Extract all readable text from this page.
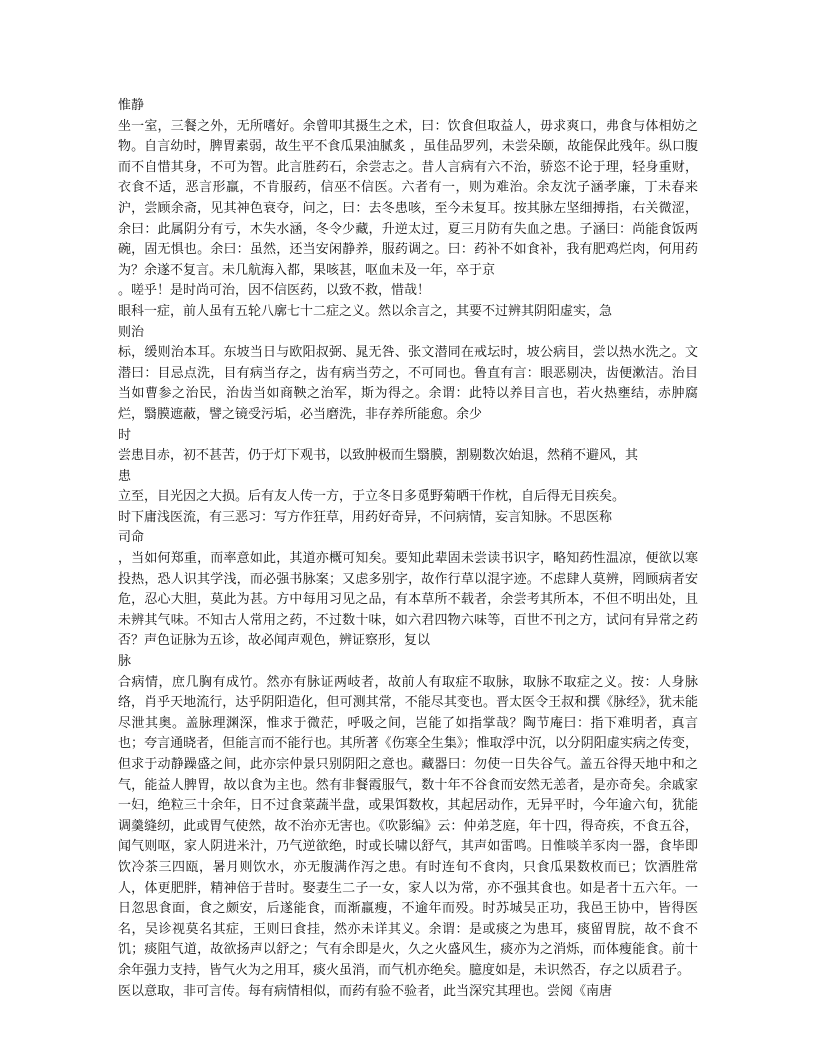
惟静

坐一室，三餐之外，无所嗜好。余曾叩其摄生之术，曰：饮食但取益人，毋求爽口，弗食与体相妨之物。自言幼时，脾胃素弱，故生平不食瓜果油腻炙 ，虽佳品罗列，未尝朵颐，故能保此残年。纵口腹而不自惜其身，不可为智。此言胜药石，余尝志之。昔人言病有六不治，骄恣不论于理，轻身重财，衣食不适，恶言形羸，不肯服药，信巫不信医。六者有一，则为难治。余友沈子涵孝廉，丁未春来沪，尝顾余斋，见其神色衰夺，问之，曰：去冬患咳，至今未复耳。按其脉左坚细搏指，右关微涩，余曰：此属阴分有亏，木失水涵，冬令少藏，升逆太过，夏三月防有失血之患。子涵曰：尚能食饭两碗，固无惧也。余曰：虽然，还当安闲静养，服药调之。曰：药补不如食补，我有肥鸡烂肉，何用药为？余遂不复言。未几航海入都，果咳甚，呕血未及一年，卒于京

。嗟乎！是时尚可治，因不信医药，以致不救，惜哉！

眼科一症，前人虽有五轮八廓七十二症之义。然以余言之，其要不过辨其阴阳虚实，急
则治

标，缓则治本耳。东坡当日与欧阳叔弼、晁无咎、张文潜同在戒坛时，坡公病目，尝以热水洗之。文潜曰：目忌点洗，目有病当存之，齿有病当劳之，不可同也。鲁直有言：眼恶剔决，齿便漱洁。治目当如曹参之治民，治齿当如商鞅之治军，斯为得之。余谓：此特以养目言也，若火热壅结，赤肿腐烂，翳膜遮蔽，譬之镜受污垢，必当磨洗，非存养所能愈。余少
时

尝患目赤，初不甚苦，仍于灯下观书，以致肿极而生翳膜，割剔数次始退，然稍不避风，其
患

立至，目光因之大损。后有友人传一方，于立冬日多觅野菊晒干作枕，自后得无目疾矣。

时下庸浅医流，有三恶习：写方作狂草，用药好奇异，不问病情，妄言知脉。不思医称
司命

，当如何郑重，而率意如此，其道亦概可知矣。要知此辈固未尝读书识字，略知药性温凉，便欲以寒投热，恐人识其学浅，而必强书脉案；又虑多别字，故作行草以混字迹。不虑肆人莫辨，罔顾病者安危，忍心大胆，莫此为甚。方中每用习见之品，有本草所不载者，余尝考其所本，不但不明出处，且未辨其气味。不知古人常用之药，不过数十味，如六君四物六味等，百世不刊之方，试问有异常之药否？声色证脉为五诊，故必闻声观色，辨证察形，复以
脉

合病情，庶几胸有成竹。然亦有脉证两岐者，故前人有取症不取脉，取脉不取症之义。按：人身脉络，肖乎天地流行，达乎阴阳造化，但可测其常，不能尽其变也。晋太医令王叔和撰《脉经》，犹未能尽泄其奥。盖脉理渊深，惟求于微茫，呼吸之间，岂能了如指掌哉？陶节庵曰：指下难明者，真言也；夸言通晓者，但能言而不能行也。其所著《伤寒全生集》；惟取浮中沉，以分阴阳虚实病之传变，但求于动静躁盛之间，此亦宗仲景只别阴阳之意也。藏器曰：勿使一日失谷气。盖五谷得天地中和之气，能益人脾胃，故以食为主也。然有非餐霞服气，数十年不谷食而安然无恙者，是亦奇矣。余戚家一妇，绝粒三十余年，日不过食菜蔬半盘，或果饵数枚，其起居动作，无异平时，今年逾六旬，犹能调羹缝纫，此或胃气使然，故不治亦无害也。《吹影编》云：仲弟芝庭，年十四，得奇疾，不食五谷，闻气则呕，家人阴进米汁，乃气逆欲绝，时或长啸以舒气，其声如雷鸣。日惟啖羊豕肉一器，食毕即饮冷茶三四瓯，暑月则饮水，亦无腹满作泻之患。有时连旬不食肉，只食瓜果数枚而已；饮酒胜常人，体更肥胖，精神倍于昔时。娶妻生二子一女，家人以为常，亦不强其食也。如是者十五六年。一日忽思食面，食之颇安，后遂能食，而渐羸瘦，不逾年而殁。时苏城吴正功，我邑王协中，皆得医名，吴诊视莫名其症，王则曰食挂，然亦未详其义。余谓：是或痰之为患耳，痰留胃脘，故不食不饥；痰阻气道，故欲扬声以舒之；气有余即是火，久之火盛风生，痰亦为之消烁，而体瘦能食。前十余年强力支持，皆气火为之用耳，痰火虽消，而气机亦绝矣。臆度如是，未识然否，存之以质君子。

医以意取，非可言传。每有病情相似，而药有验不验者，此当深究其理也。尝阅《南唐
